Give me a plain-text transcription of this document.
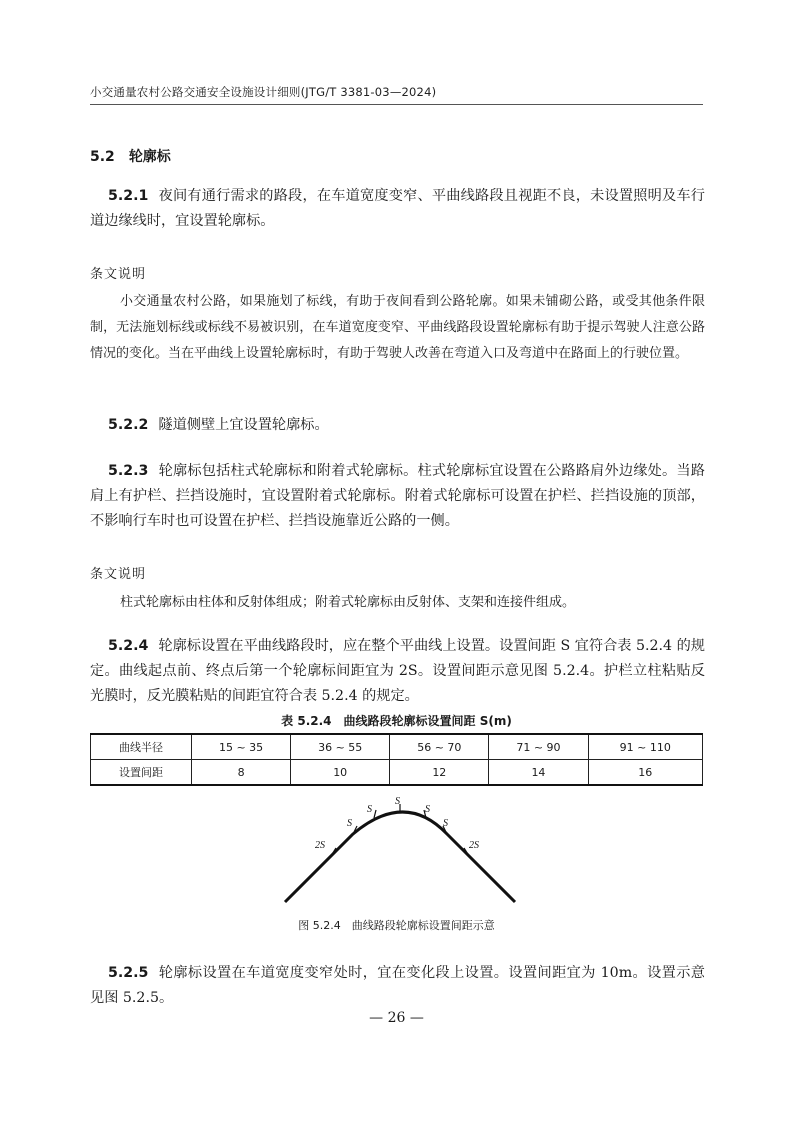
小交通量农村公路交通安全设施设计细则(JTG/T 3381-03—2024)
5.2 轮廓标
5.2.1 夜间有通行需求的路段，在车道宽度变窄、平曲线路段且视距不良，未设置照明及车行道边缘线时，宜设置轮廓标。
条文说明
小交通量农村公路，如果施划了标线，有助于夜间看到公路轮廓。如果未铺砌公路，或受其他条件限制，无法施划标线或标线不易被识别，在车道宽度变窄、平曲线路段设置轮廓标有助于提示驾驶人注意公路情况的变化。当在平曲线上设置轮廓标时，有助于驾驶人改善在弯道入口及弯道中在路面上的行驶位置。
5.2.2 隧道侧壁上宜设置轮廓标。
5.2.3 轮廓标包括柱式轮廓标和附着式轮廓标。柱式轮廓标宜设置在公路路肩外边缘处。当路肩上有护栏、拦挡设施时，宜设置附着式轮廓标。附着式轮廓标可设置在护栏、拦挡设施的顶部，不影响行车时也可设置在护栏、拦挡设施靠近公路的一侧。
条文说明
柱式轮廓标由柱体和反射体组成；附着式轮廓标由反射体、支架和连接件组成。
5.2.4 轮廓标设置在平曲线路段时，应在整个平曲线上设置。设置间距 S 宜符合表 5.2.4 的规定。曲线起点前、终点后第一个轮廓标间距宜为 2S。设置间距示意见图 5.2.4。护栏立柱粘贴反光膜时，反光膜粘贴的间距宜符合表 5.2.4 的规定。
表 5.2.4　曲线路段轮廓标设置间距 S(m)
曲线半径	15 ~ 35	36 ~ 55	56 ~ 70	71 ~ 90	91 ~ 110
设置间距	8	10	12	14	16
2S
S
S
S
S
S
2S
图 5.2.4　曲线路段轮廓标设置间距示意
5.2.5 轮廓标设置在车道宽度变窄处时，宜在变化段上设置。设置间距宜为 10m。设置示意见图 5.2.5。
— 26 —
